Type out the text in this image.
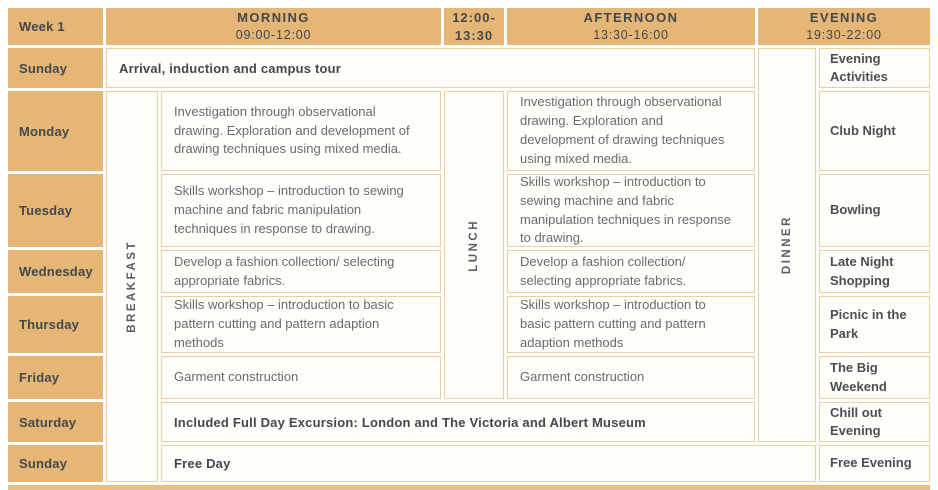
Week 1
MORNING
09:00-12:00
12:00-
13:30
AFTERNOON
13:30-16:00
EVENING
19:30-22:00
Sunday
Monday
Tuesday
Wednesday
Thursday
Friday
Saturday
Sunday
BREAKFAST	LUNCH	DINNER
Arrival, induction and campus tour
Included Full Day Excursion: London and The Victoria and Albert Museum
Free Day
Investigation through observational drawing. Exploration and development of drawing techniques using mixed media.
Skills workshop – introduction to sewing machine and fabric manipulation techniques in response to drawing.
Develop a fashion collection/ selecting appropriate fabrics.
Skills workshop – introduction to basic pattern cutting and pattern adaption methods
Garment construction
Investigation through observational drawing. Exploration and development of drawing techniques using mixed media.
Skills workshop – introduction to sewing machine and fabric manipulation techniques in response to drawing.
Develop a fashion collection/ selecting appropriate fabrics.
Skills workshop – introduction to basic pattern cutting and pattern adaption methods
Garment construction
Evening Activities
Club Night
Bowling
Late Night Shopping
Picnic in the Park
The Big Weekend
Chill out Evening
Free Evening
